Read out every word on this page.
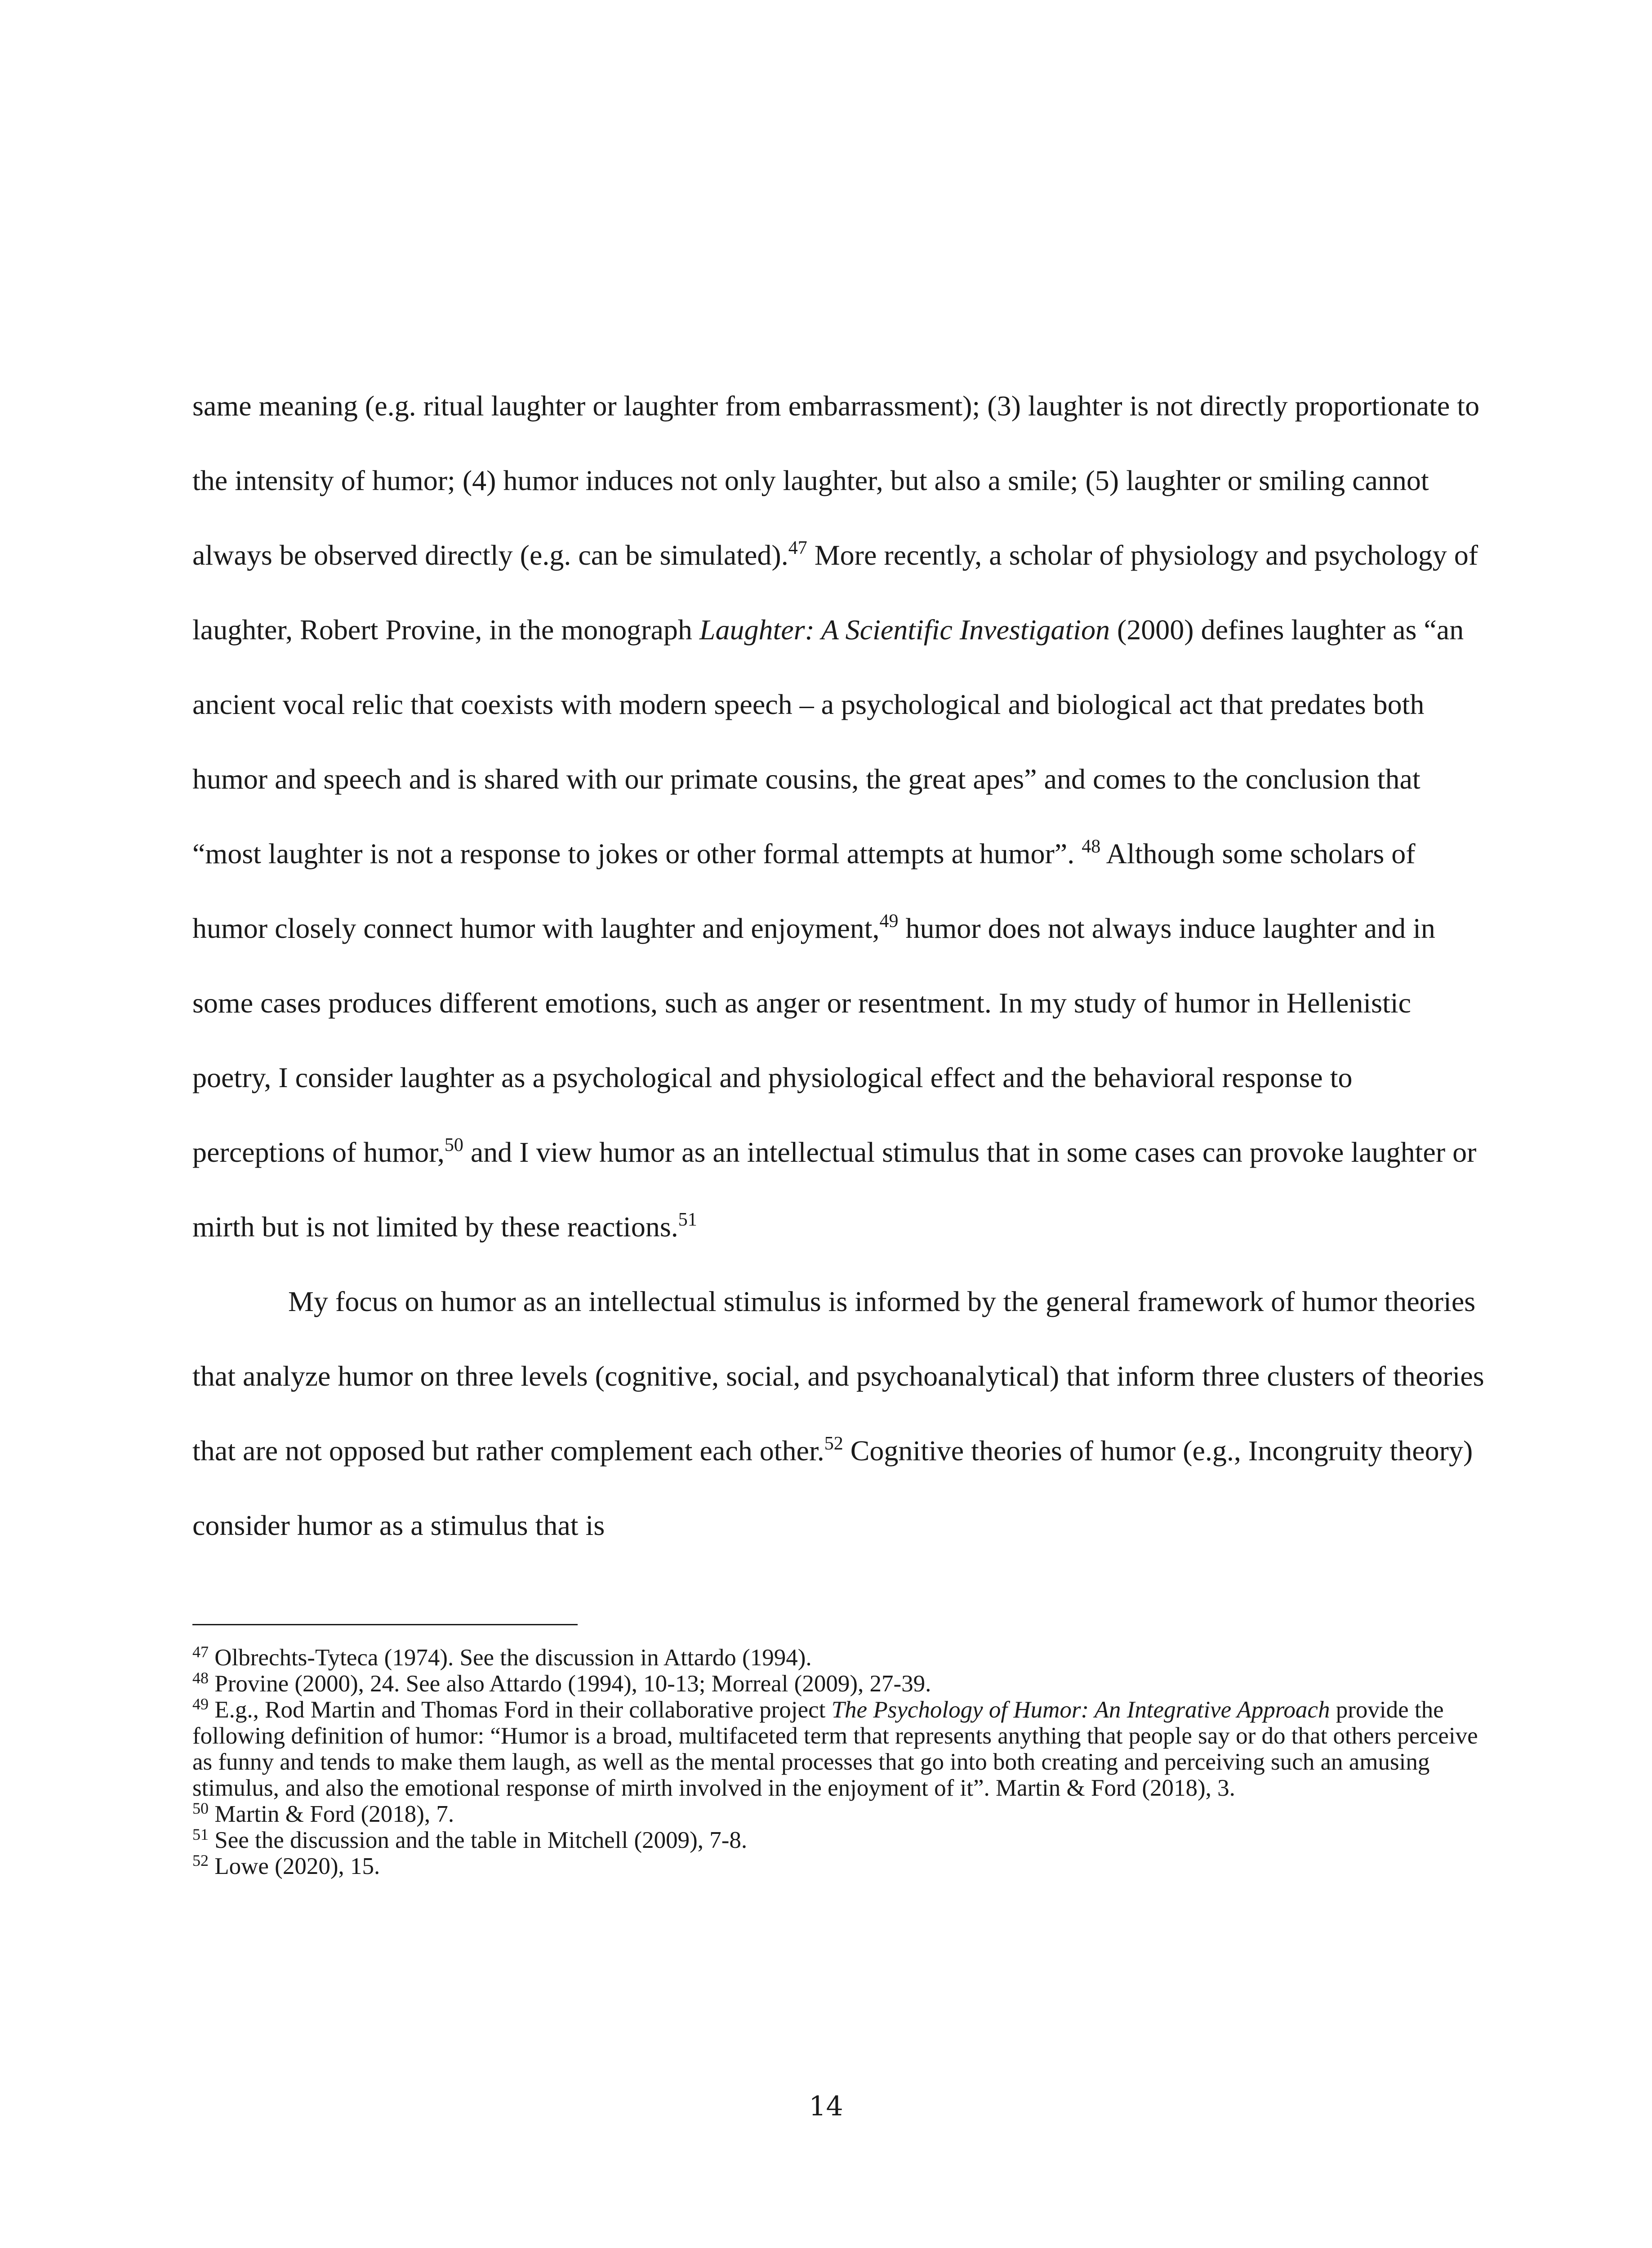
same meaning (e.g. ritual laughter or laughter from embarrassment); (3) laughter is not directly proportionate to the intensity of humor; (4) humor induces not only laughter, but also a smile; (5) laughter or smiling cannot always be observed directly (e.g. can be simulated).$^{47}$ More recently, a scholar of physiology and psychology of laughter, Robert Provine, in the monograph Laughter: A Scientific Investigation (2000) defines laughter as “an ancient vocal relic that coexists with modern speech – a psychological and biological act that predates both humor and speech and is shared with our primate cousins, the great apes” and comes to the conclusion that “most laughter is not a response to jokes or other formal attempts at humor”. $^{48}$ Although some scholars of humor closely connect humor with laughter and enjoyment,$^{49}$ humor does not always induce laughter and in some cases produces different emotions, such as anger or resentment. In my study of humor in Hellenistic poetry, I consider laughter as a psychological and physiological effect and the behavioral response to perceptions of humor,$^{50}$ and I view humor as an intellectual stimulus that in some cases can provoke laughter or mirth but is not limited by these reactions.$^{51}$

My focus on humor as an intellectual stimulus is informed by the general framework of humor theories that analyze humor on three levels (cognitive, social, and psychoanalytical) that inform three clusters of theories that are not opposed but rather complement each other.$^{52}$ Cognitive theories of humor (e.g., Incongruity theory) consider humor as a stimulus that is

$^{47}$ Olbrechts-Tyteca (1974). See the discussion in Attardo (1994).

$^{48}$ Provine (2000), 24. See also Attardo (1994), 10-13; Morreal (2009), 27-39.

$^{49}$ E.g., Rod Martin and Thomas Ford in their collaborative project The Psychology of Humor: An Integrative Approach provide the following definition of humor: “Humor is a broad, multifaceted term that represents anything that people say or do that others perceive as funny and tends to make them laugh, as well as the mental processes that go into both creating and perceiving such an amusing stimulus, and also the emotional response of mirth involved in the enjoyment of it”. Martin & Ford (2018), 3.

$^{50}$ Martin & Ford (2018), 7.

$^{51}$ See the discussion and the table in Mitchell (2009), 7-8.

$^{52}$ Lowe (2020), 15.

14
